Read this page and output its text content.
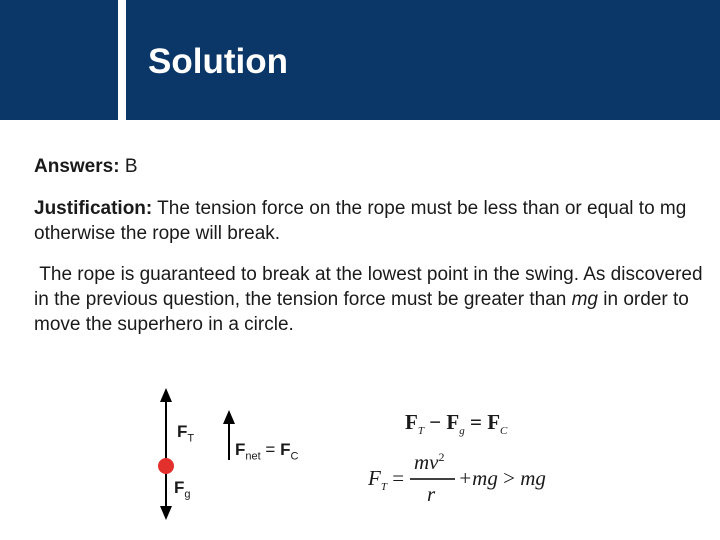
Solution
Answers: B
Justification: The tension force on the rope must be less than or equal to mg otherwise the rope will break.
The rope is guaranteed to break at the lowest point in the swing. As discovered in the previous question, the tension force must be greater than mg in order to move the superhero in a circle.
$F_T$
$F_g$
$F_{net} = F_C$
$F_T - F_g = F_C$
$F_T$ =
$mv^2$
r
+mg > mg
